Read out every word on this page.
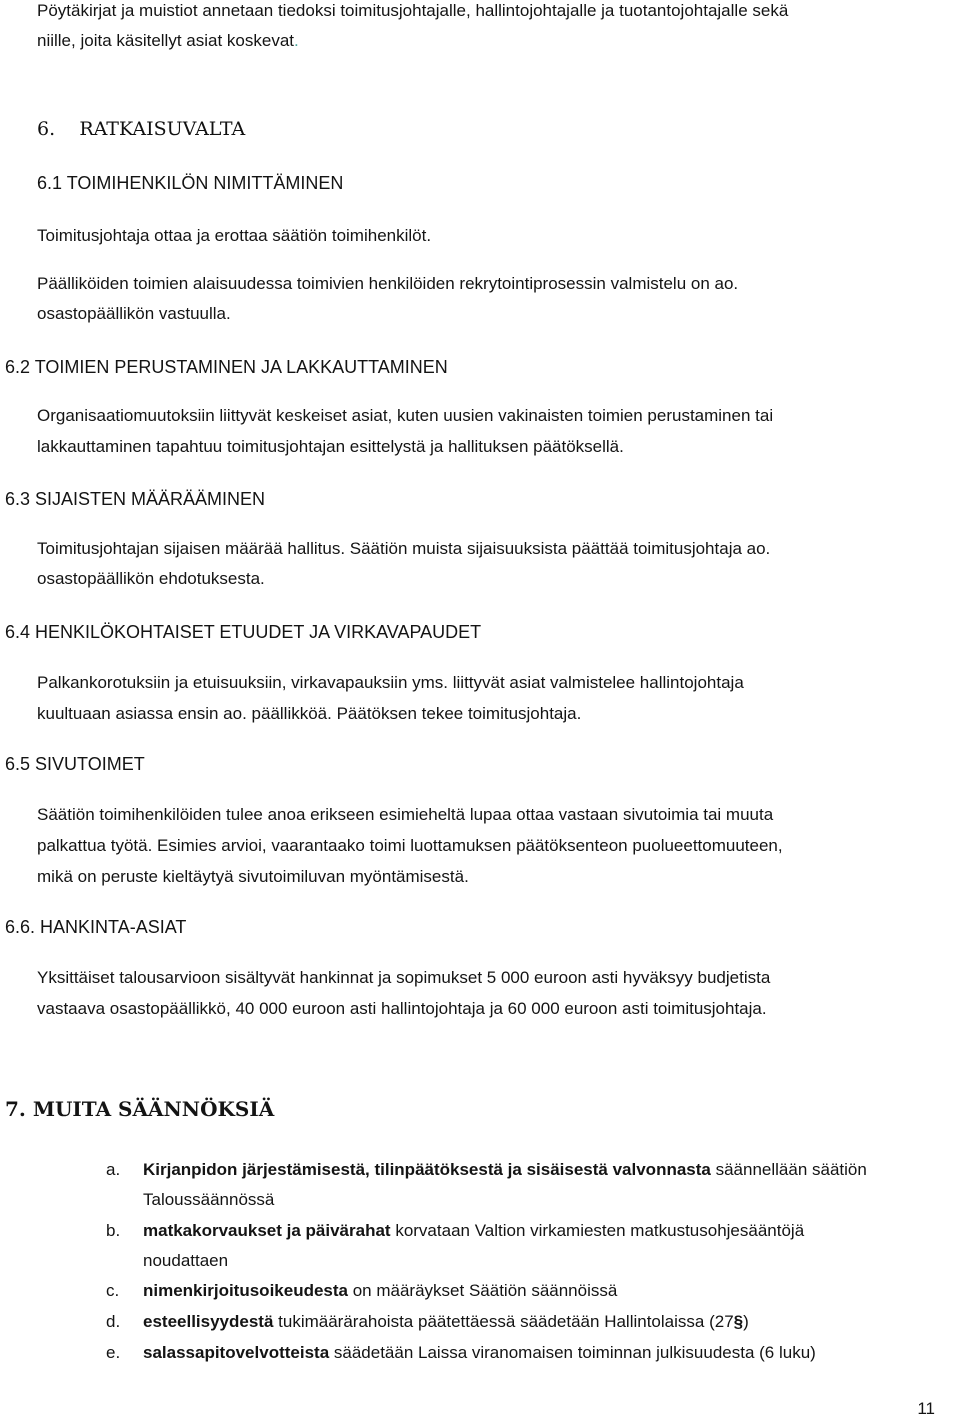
Pöytäkirjat ja muistiot annetaan tiedoksi toimitusjohtajalle, hallintojohtajalle ja tuotantojohtajalle sekä
niille, joita käsitellyt asiat koskevat.
6. RATKAISUVALTA
6.1 TOIMIHENKILÖN NIMITTÄMINEN
Toimitusjohtaja ottaa ja erottaa säätiön toimihenkilöt.
Päälliköiden toimien alaisuudessa toimivien henkilöiden rekrytointiprosessin valmistelu on ao.
osastopäällikön vastuulla.
6.2 TOIMIEN PERUSTAMINEN JA LAKKAUTTAMINEN
Organisaatiomuutoksiin liittyvät keskeiset asiat, kuten uusien vakinaisten toimien perustaminen tai
lakkauttaminen tapahtuu toimitusjohtajan esittelystä ja hallituksen päätöksellä.
6.3 SIJAISTEN MÄÄRÄÄMINEN
Toimitusjohtajan sijaisen määrää hallitus. Säätiön muista sijaisuuksista päättää toimitusjohtaja ao.
osastopäällikön ehdotuksesta.
6.4 HENKILÖKOHTAISET ETUUDET JA VIRKAVAPAUDET
Palkankorotuksiin ja etuisuuksiin, virkavapauksiin yms. liittyvät asiat valmistelee hallintojohtaja
kuultuaan asiassa ensin ao. päällikköä. Päätöksen tekee toimitusjohtaja.
6.5 SIVUTOIMET
Säätiön toimihenkilöiden tulee anoa erikseen esimieheltä lupaa ottaa vastaan sivutoimia tai muuta
palkattua työtä. Esimies arvioi, vaarantaako toimi luottamuksen päätöksenteon puolueettomuuteen,
mikä on peruste kieltäytyä sivutoimiluvan myöntämisestä.
6.6. HANKINTA-ASIAT
Yksittäiset talousarvioon sisältyvät hankinnat ja sopimukset 5 000 euroon asti hyväksyy budjetista
vastaava osastopäällikkö, 40 000 euroon asti hallintojohtaja ja 60 000 euroon asti toimitusjohtaja.
7. MUITA SÄÄNNÖKSIÄ
a. Kirjanpidon järjestämisestä, tilinpäätöksestä ja sisäisestä valvonnasta säännellään säätiön
Taloussäännössä
b. matkakorvaukset ja päivärahat korvataan Valtion virkamiesten matkustusohjesääntöjä
noudattaen
c. nimenkirjoitusoikeudesta on määräykset Säätiön säännöissä
d. esteellisyydestä tukimäärärahoista päätettäessä säädetään Hallintolaissa (27§)
e. salassapitovelvotteista säädetään Laissa viranomaisen toiminnan julkisuudesta (6 luku)
11
